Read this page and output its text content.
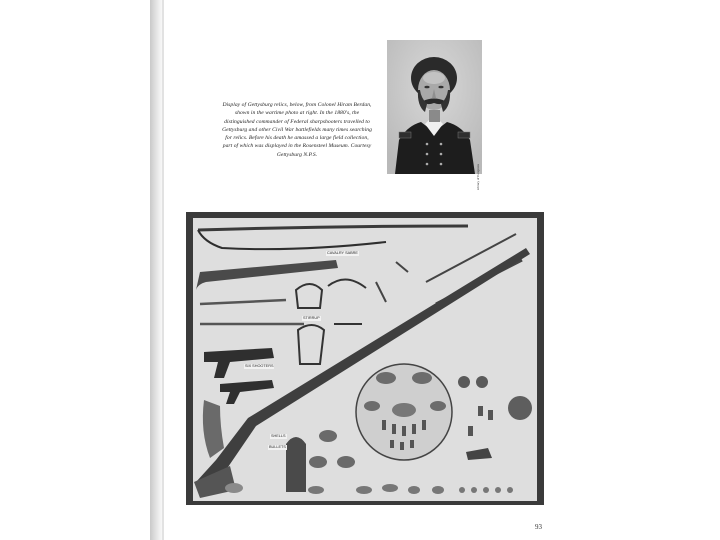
Display of Gettysburg relics, below, from Colonel Hiram Berdan, shown in the wartime photo at right. In the 1880's, the distinguished commander of Federal sharpshooters travelled to Gettysburg and other Civil War battlefields many times searching for relics. Before his death he amassed a large field collection, part of which was displayed in the Rosensteel Museum. Courtesy Gettysburg N.P.S.
Library of Congress
CAVALRY SABRE
STIRRUP
SIX SHOOTERS
SHELLS
BULLETS
93
